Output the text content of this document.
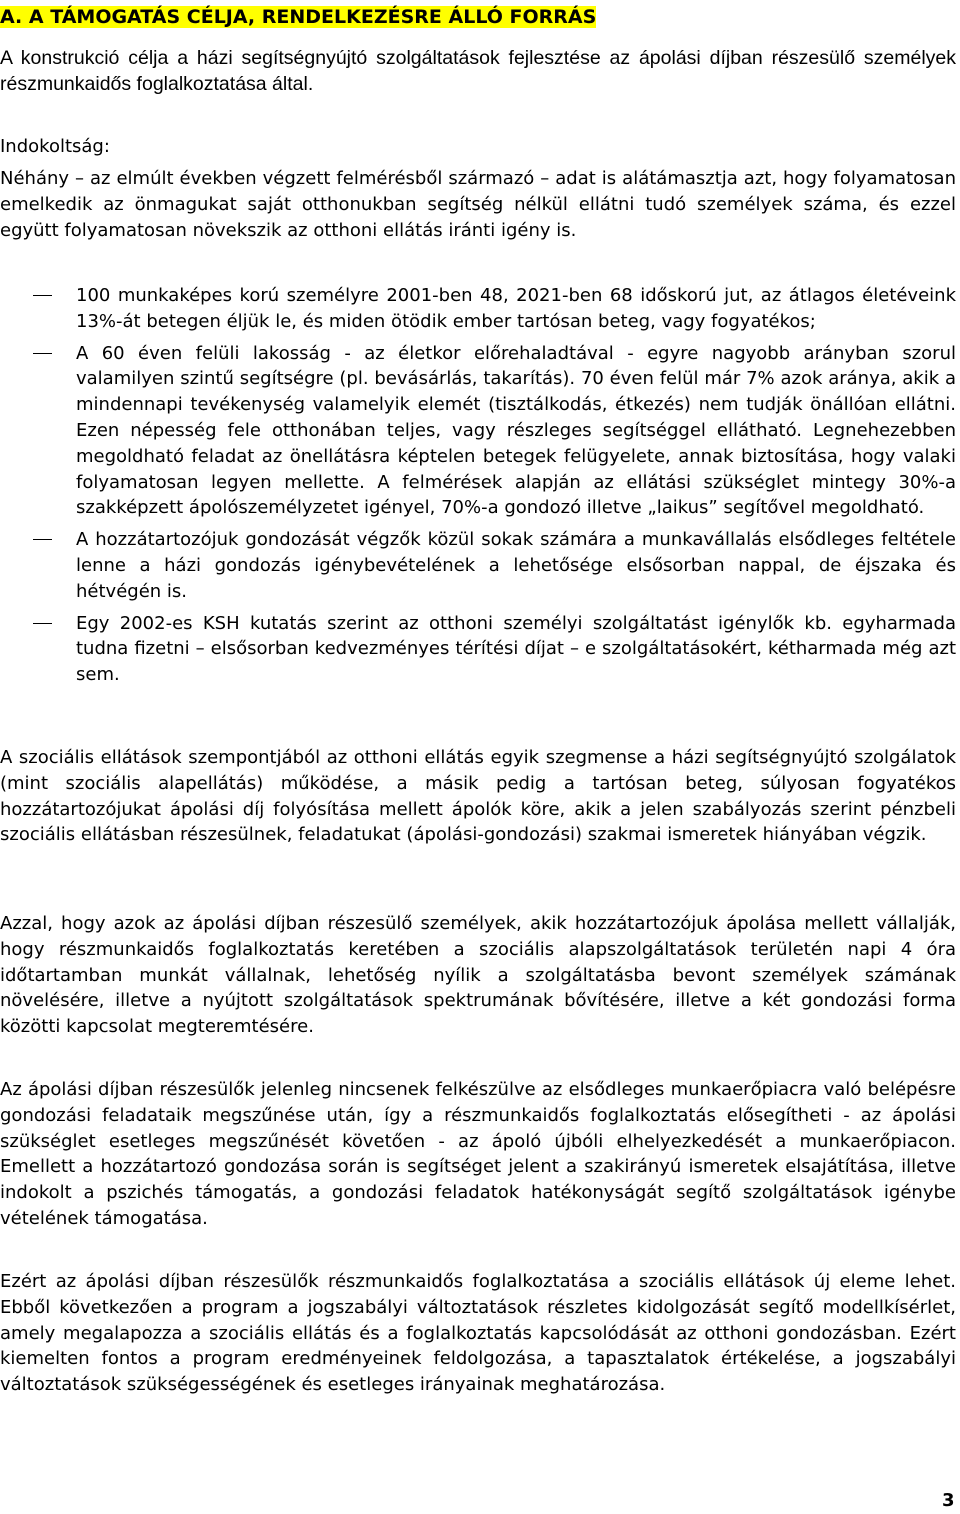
A. A TÁMOGATÁS CÉLJA, RENDELKEZÉSRE ÁLLÓ FORRÁS

A konstrukció célja a házi segítségnyújtó szolgáltatások fejlesztése az ápolási díjban részesülő személyek részmunkaidős foglalkoztatása által.

Indokoltság:

Néhány – az elmúlt években végzett felmérésből származó – adat is alátámasztja azt, hogy folyamatosan emelkedik az önmagukat saját otthonukban segítség nélkül ellátni tudó személyek száma, és ezzel együtt folyamatosan növekszik az otthoni ellátás iránti igény is.

100 munkaképes korú személyre 2001-ben 48, 2021-ben 68 időskorú jut, az átlagos életéveink 13%-át betegen éljük le, és miden ötödik ember tartósan beteg, vagy fogyatékos;
A 60 éven felüli lakosság - az életkor előrehaladtával - egyre nagyobb arányban szorul valamilyen szintű segítségre (pl. bevásárlás, takarítás). 70 éven felül már 7% azok aránya, akik a mindennapi tevékenység valamelyik elemét (tisztálkodás, étkezés) nem tudják önállóan ellátni. Ezen népesség fele otthonában teljes, vagy részleges segítséggel ellátható. Legnehezebben megoldható feladat az önellátásra képtelen betegek felügyelete, annak biztosítása, hogy valaki folyamatosan legyen mellette. A felmérések alapján az ellátási szükséglet mintegy 30%-a szakképzett ápolószemélyzetet igényel, 70%-a gondozó illetve „laikus” segítővel megoldható.
A hozzátartozójuk gondozását végzők közül sokak számára a munkavállalás elsődleges feltétele lenne a házi gondozás igénybevételének a lehetősége elsősorban nappal, de éjszaka és hétvégén is.
Egy 2002-es KSH kutatás szerint az otthoni személyi szolgáltatást igénylők kb. egyharmada tudna fizetni – elsősorban kedvezményes térítési díjat – e szolgáltatásokért, kétharmada még azt sem.

A szociális ellátások szempontjából az otthoni ellátás egyik szegmense a házi segítségnyújtó szolgálatok (mint szociális alapellátás) működése, a másik pedig a tartósan beteg, súlyosan fogyatékos hozzátartozójukat ápolási díj folyósítása mellett ápolók köre, akik a jelen szabályozás szerint pénzbeli szociális ellátásban részesülnek, feladatukat (ápolási-gondozási) szakmai ismeretek hiányában végzik.

Azzal, hogy azok az ápolási díjban részesülő személyek, akik hozzátartozójuk ápolása mellett vállalják, hogy részmunkaidős foglalkoztatás keretében a szociális alapszolgáltatások területén napi 4 óra időtartamban munkát vállalnak, lehetőség nyílik a szolgáltatásba bevont személyek számának növelésére, illetve a nyújtott szolgáltatások spektrumának bővítésére, illetve a két gondozási forma közötti kapcsolat megteremtésére.

Az ápolási díjban részesülők jelenleg nincsenek felkészülve az elsődleges munkaerőpiacra való belépésre gondozási feladataik megszűnése után, így a részmunkaidős foglalkoztatás elősegítheti - az ápolási szükséglet esetleges megszűnését követően - az ápoló újbóli elhelyezkedését a munkaerőpiacon. Emellett a hozzátartozó gondozása során is segítséget jelent a szakirányú ismeretek elsajátítása, illetve indokolt a pszichés támogatás, a gondozási feladatok hatékonyságát segítő szolgáltatások igénybe vételének támogatása.

Ezért az ápolási díjban részesülők részmunkaidős foglalkoztatása a szociális ellátások új eleme lehet. Ebből következően a program a jogszabályi változtatások részletes kidolgozását segítő modellkísérlet, amely megalapozza a szociális ellátás és a foglalkoztatás kapcsolódását az otthoni gondozásban. Ezért kiemelten fontos a program eredményeinek feldolgozása, a tapasztalatok értékelése, a jogszabályi változtatások szükségességének és esetleges irányainak meghatározása.

3
